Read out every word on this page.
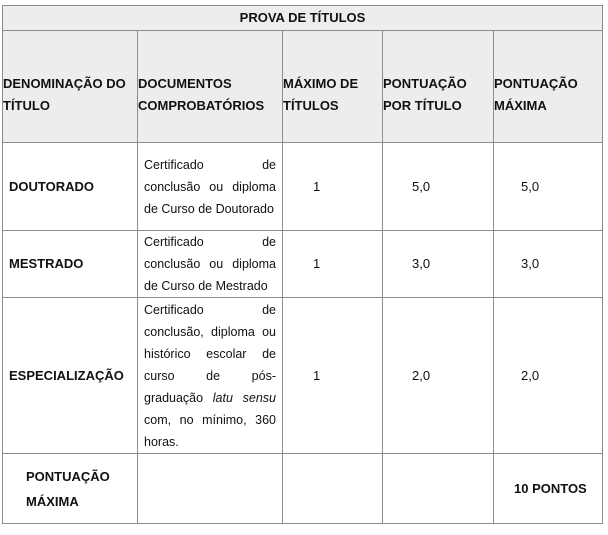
PROVA DE TÍTULOS				

DENOMINAÇÃO DO TÍTULO	DOCUMENTOS COMPROBATÓRIOS	MÁXIMO DE TÍTULOS	PONTUAÇÃO POR TÍTULO	PONTUAÇÃO MÁXIMA

DOUTORADO	Certificado de conclusão ou diploma de Curso de Doutorado	1	5,0	5,0
MESTRADO	Certificado de conclusão ou diploma de Curso de Mestrado	1	3,0	3,0
ESPECIALIZAÇÃO	Certificado de conclusão, diploma ou histórico escolar de curso de pós-graduação latu sensu com, no mínimo, 360 horas.	1	2,0	2,0
PONTUAÇÃO MÁXIMA				10 PONTOS
